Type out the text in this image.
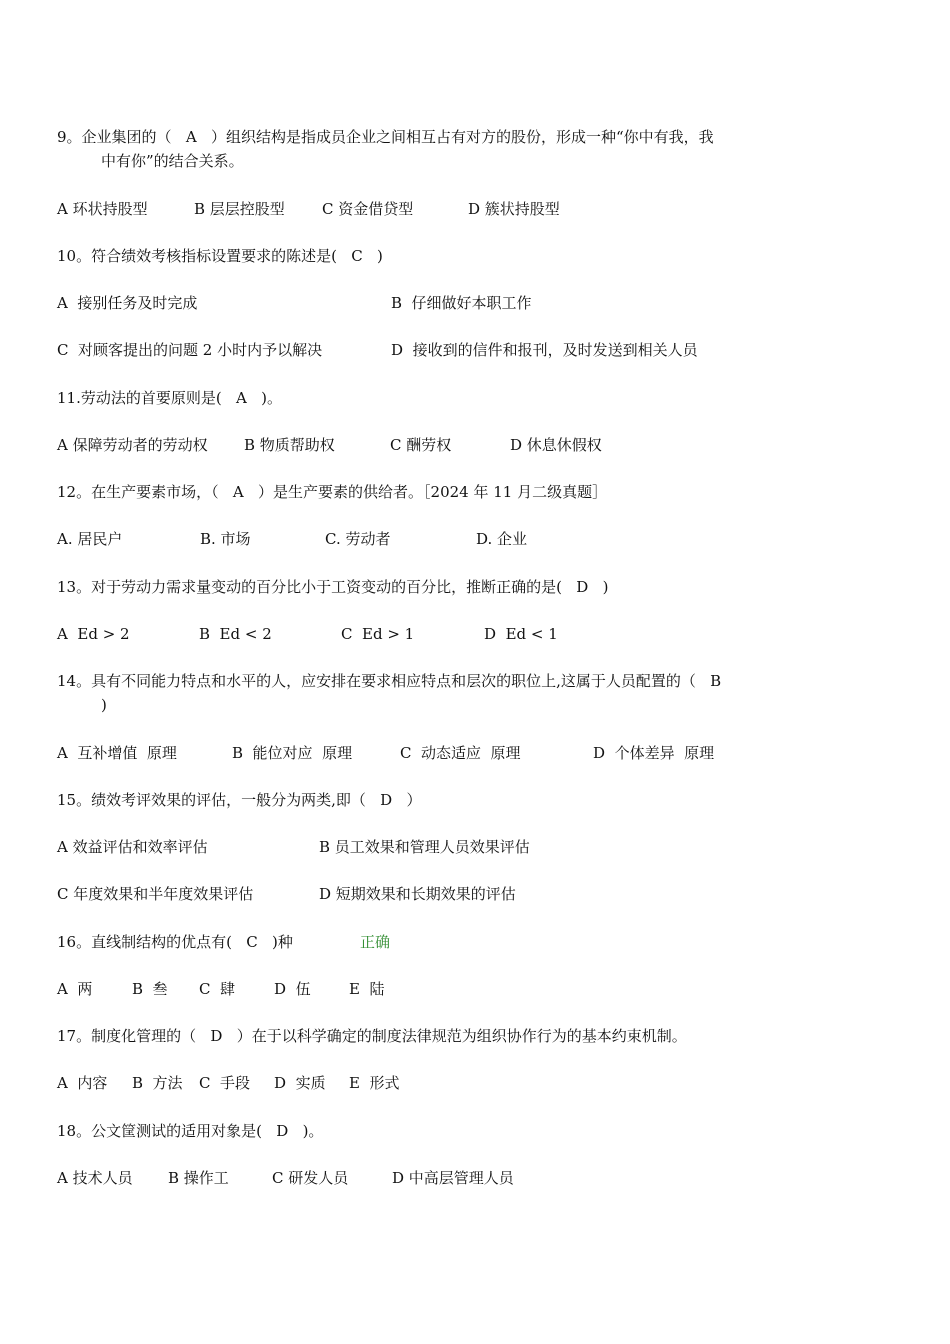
9。企业集团的（   A   ）组织结构是指成员企业之间相互占有对方的股份，形成一种“你中有我，我
中有你”的结合关系。
A 环状持股型	B 层层控股型 C 资金借贷型	D 簇状持股型
10。符合绩效考核指标设置要求的陈述是(   C   )
A  接别任务及时完成	B  仔细做好本职工作
C  对顾客提出的问题 2 小时内予以解决	D  接收到的信件和报刊，及时发送到相关人员
11.劳动法的首要原则是(   A   )。
A 保障劳动者的劳动权 B 物质帮助权	C 酬劳权	D 休息休假权
12。在生产要素市场，（   A   ）是生产要素的供给者。［2024 年 11 月二级真题］
A. 居民户	B. 市场	C. 劳动者	D. 企业
13。对于劳动力需求量变动的百分比小于工资变动的百分比，推断正确的是(   D   )
A  Ed > 2	B  Ed < 2	C  Ed > 1	D  Ed < 1
14。具有不同能力特点和水平的人，应安排在要求相应特点和层次的职位上,这属于人员配置的（   B
)
A  互补增值  原理	B  能位对应  原理	C  动态适应  原理	D  个体差异  原理
15。绩效考评效果的评估，一般分为两类,即（   D   ）
A 效益评估和效率评估	B 员工效果和管理人员效果评估
C 年度效果和半年度效果评估	D 短期效果和长期效果的评估
16。直线制结构的优点有(   C   )种	正确
A  两	B  叁 C  肆	D  伍	E  陆
17。制度化管理的（   D   ）在于以科学确定的制度法律规范为组织协作行为的基本约束机制。
A  内容 B  方法 C  手段 D  实质 E  形式
18。公文筐测试的适用对象是(   D   )。
A 技术人员 B 操作工	C 研发人员	D 中高层管理人员
